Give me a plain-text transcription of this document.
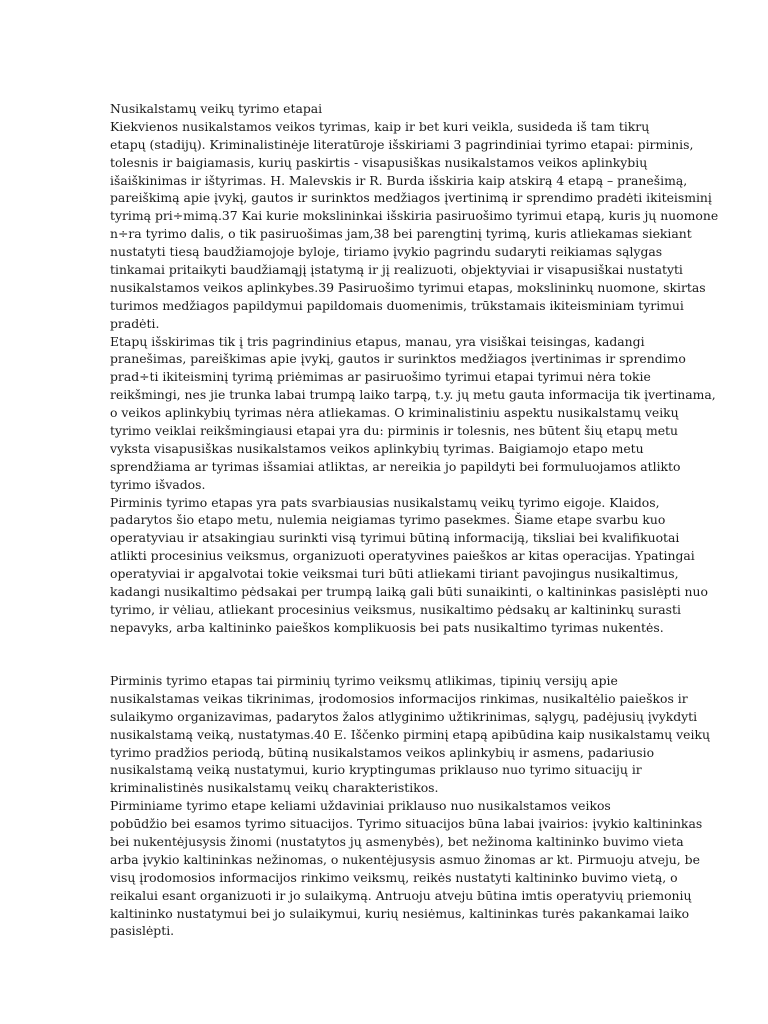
Nusikalstamų veikų tyrimo etapai
Kiekvienos nusikalstamos veikos tyrimas, kaip ir bet kuri veikla, susideda iš tam tikrų
etapų (stadijų). Kriminalistinėje literatūroje išskiriami 3 pagrindiniai tyrimo etapai: pirminis,
tolesnis ir baigiamasis, kurių paskirtis - visapusiškas nusikalstamos veikos aplinkybių
išaiškinimas ir ištyrimas. H. Malevskis ir R. Burda išskiria kaip atskirą 4 etapą – pranešimą,
pareiškimą apie įvykį, gautos ir surinktos medžiagos įvertinimą ir sprendimo pradėti ikiteisminį
tyrimą pri÷mimą.37 Kai kurie mokslininkai išskiria pasiruošimo tyrimui etapą, kuris jų nuomone
n÷ra tyrimo dalis, o tik pasiruošimas jam,38 bei parengtinį tyrimą, kuris atliekamas siekiant
nustatyti tiesą baudžiamojoje byloje, tiriamo įvykio pagrindu sudaryti reikiamas sąlygas
tinkamai pritaikyti baudžiamąjį įstatymą ir jį realizuoti, objektyviai ir visapusiškai nustatyti
nusikalstamos veikos aplinkybes.39 Pasiruošimo tyrimui etapas, mokslininkų nuomone, skirtas
turimos medžiagos papildymui papildomais duomenimis, trūkstamais ikiteisminiam tyrimui
pradėti.
Etapų išskirimas tik į tris pagrindinius etapus, manau, yra visiškai teisingas, kadangi
pranešimas, pareiškimas apie įvykį, gautos ir surinktos medžiagos įvertinimas ir sprendimo
prad÷ti ikiteisminį tyrimą priėmimas ar pasiruošimo tyrimui etapai tyrimui nėra tokie
reikšmingi, nes jie trunka labai trumpą laiko tarpą, t.y. jų metu gauta informacija tik įvertinama,
o veikos aplinkybių tyrimas nėra atliekamas. O kriminalistiniu aspektu nusikalstamų veikų
tyrimo veiklai reikšmingiausi etapai yra du: pirminis ir tolesnis, nes būtent šių etapų metu
vyksta visapusiškas nusikalstamos veikos aplinkybių tyrimas. Baigiamojo etapo metu
sprendžiama ar tyrimas išsamiai atliktas, ar nereikia jo papildyti bei formuluojamos atlikto
tyrimo išvados.
Pirminis tyrimo etapas yra pats svarbiausias nusikalstamų veikų tyrimo eigoje. Klaidos,
padarytos šio etapo metu, nulemia neigiamas tyrimo pasekmes. Šiame etape svarbu kuo
operatyviau ir atsakingiau surinkti visą tyrimui būtiną informaciją, tiksliai bei kvalifikuotai
atlikti procesinius veiksmus, organizuoti operatyvines paieškos ar kitas operacijas. Ypatingai
operatyviai ir apgalvotai tokie veiksmai turi būti atliekami tiriant pavojingus nusikaltimus,
kadangi nusikaltimo pėdsakai per trumpą laiką gali būti sunaikinti, o kaltininkas pasislėpti nuo
tyrimo, ir vėliau, atliekant procesinius veiksmus, nusikaltimo pėdsakų ar kaltininkų surasti
nepavyks, arba kaltininko paieškos komplikuosis bei pats nusikaltimo tyrimas nukentės.
Pirminis tyrimo etapas tai pirminių tyrimo veiksmų atlikimas, tipinių versijų apie
nusikalstamas veikas tikrinimas, įrodomosios informacijos rinkimas, nusikaltėlio paieškos ir
sulaikymo organizavimas, padarytos žalos atlyginimo užtikrinimas, sąlygų, padėjusių įvykdyti
nusikalstamą veiką, nustatymas.40 E. Iščenko pirminį etapą apibūdina kaip nusikalstamų veikų
tyrimo pradžios periodą, būtiną nusikalstamos veikos aplinkybių ir asmens, padariusio
nusikalstamą veiką nustatymui, kurio kryptingumas priklauso nuo tyrimo situacijų ir
kriminalistinės nusikalstamų veikų charakteristikos.
Pirminiame tyrimo etape keliami uždaviniai priklauso nuo nusikalstamos veikos
pobūdžio bei esamos tyrimo situacijos. Tyrimo situacijos būna labai įvairios: įvykio kaltininkas
bei nukentėjusysis žinomi (nustatytos jų asmenybės), bet nežinoma kaltininko buvimo vieta
arba įvykio kaltininkas nežinomas, o nukentėjusysis asmuo žinomas ar kt. Pirmuoju atveju, be
visų įrodomosios informacijos rinkimo veiksmų, reikės nustatyti kaltininko buvimo vietą, o
reikalui esant organizuoti ir jo sulaikymą. Antruoju atveju būtina imtis operatyvių priemonių
kaltininko nustatymui bei jo sulaikymui, kurių nesiėmus, kaltininkas turės pakankamai laiko
pasislėpti.
